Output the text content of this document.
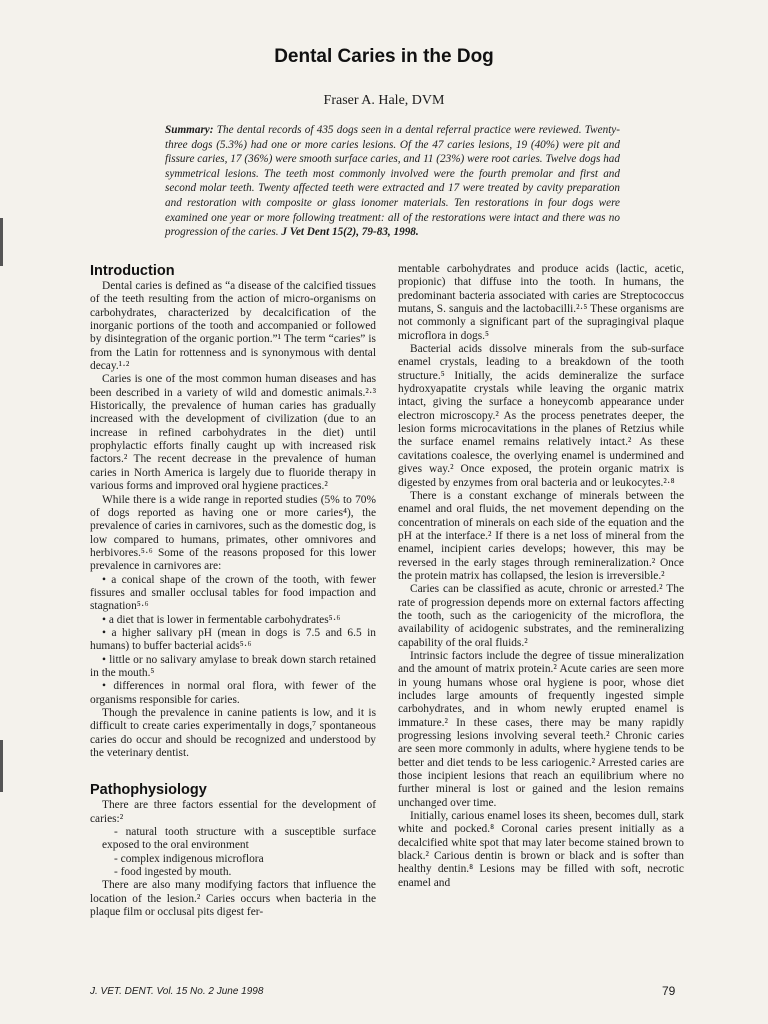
Dental Caries in the Dog
Fraser A. Hale, DVM
Summary: The dental records of 435 dogs seen in a dental referral practice were reviewed. Twenty-three dogs (5.3%) had one or more caries lesions. Of the 47 caries lesions, 19 (40%) were pit and fissure caries, 17 (36%) were smooth surface caries, and 11 (23%) were root caries. Twelve dogs had symmetrical lesions. The teeth most commonly involved were the fourth premolar and first and second molar teeth. Twenty affected teeth were extracted and 17 were treated by cavity preparation and restoration with composite or glass ionomer materials. Ten restorations in four dogs were examined one year or more following treatment: all of the restorations were intact and there was no progression of the caries. J Vet Dent 15(2), 79-83, 1998.
Introduction

Dental caries is defined as “a disease of the calcified tissues of the teeth resulting from the action of micro-organisms on carbohydrates, characterized by decalcification of the inorganic portions of the tooth and accompanied or followed by disintegration of the organic portion.”¹ The term “caries” is from the Latin for rottenness and is synonymous with dental decay.¹·²

Caries is one of the most common human diseases and has been described in a variety of wild and domestic animals.²·³ Historically, the prevalence of human caries has gradually increased with the development of civilization (due to an increase in refined carbohydrates in the diet) until prophylactic efforts finally caught up with increased risk factors.² The recent decrease in the prevalence of human caries in North America is largely due to fluoride therapy in various forms and improved oral hygiene practices.²

While there is a wide range in reported studies (5% to 70% of dogs reported as having one or more caries⁴), the prevalence of caries in carnivores, such as the domestic dog, is low compared to humans, primates, other omnivores and herbivores.⁵·⁶ Some of the reasons proposed for this lower prevalence in carnivores are:

• a conical shape of the crown of the tooth, with fewer fissures and smaller occlusal tables for food impaction and stagnation⁵·⁶

• a diet that is lower in fermentable carbohydrates⁵·⁶

• a higher salivary pH (mean in dogs is 7.5 and 6.5 in humans) to buffer bacterial acids⁵·⁶

• little or no salivary amylase to break down starch retained in the mouth.⁵

• differences in normal oral flora, with fewer of the organisms responsible for caries.

Though the prevalence in canine patients is low, and it is difficult to create caries experimentally in dogs,⁷ spontaneous caries do occur and should be recognized and understood by the veterinary dentist.

Pathophysiology

There are three factors essential for the development of caries:²

- natural tooth structure with a susceptible surface exposed to the oral environment

- complex indigenous microflora

- food ingested by mouth.

There are also many modifying factors that influence the location of the lesion.² Caries occurs when bacteria in the plaque film or occlusal pits digest fer-

mentable carbohydrates and produce acids (lactic, acetic, propionic) that diffuse into the tooth. In humans, the predominant bacteria associated with caries are Streptococcus mutans, S. sanguis and the lactobacilli.²·⁵ These organisms are not commonly a significant part of the supragingival plaque microflora in dogs.⁵

Bacterial acids dissolve minerals from the sub-surface enamel crystals, leading to a breakdown of the tooth structure.⁵ Initially, the acids demineralize the surface hydroxyapatite crystals while leaving the organic matrix intact, giving the surface a honeycomb appearance under electron microscopy.² As the process penetrates deeper, the lesion forms microcavitations in the planes of Retzius while the surface enamel remains relatively intact.² As these cavitations coalesce, the overlying enamel is undermined and gives way.² Once exposed, the protein organic matrix is digested by enzymes from oral bacteria and or leukocytes.²·⁸

There is a constant exchange of minerals between the enamel and oral fluids, the net movement depending on the concentration of minerals on each side of the equation and the pH at the interface.² If there is a net loss of mineral from the enamel, incipient caries develops; however, this may be reversed in the early stages through remineralization.² Once the protein matrix has collapsed, the lesion is irreversible.²

Caries can be classified as acute, chronic or arrested.² The rate of progression depends more on external factors affecting the tooth, such as the cariogenicity of the microflora, the availability of acidogenic substrates, and the remineralizing capability of the oral fluids.²

Intrinsic factors include the degree of tissue mineralization and the amount of matrix protein.² Acute caries are seen more in young humans whose oral hygiene is poor, whose diet includes large amounts of frequently ingested simple carbohydrates, and in whom newly erupted enamel is immature.² In these cases, there may be many rapidly progressing lesions involving several teeth.² Chronic caries are seen more commonly in adults, where hygiene tends to be better and diet tends to be less cariogenic.² Arrested caries are those incipient lesions that reach an equilibrium where no further mineral is lost or gained and the lesion remains unchanged over time.

Initially, carious enamel loses its sheen, becomes dull, stark white and pocked.⁸ Coronal caries present initially as a decalcified white spot that may later become stained brown to black.² Carious dentin is brown or black and is softer than healthy dentin.⁸ Lesions may be filled with soft, necrotic enamel and

J. VET. DENT. Vol. 15 No. 2 June 1998	79
